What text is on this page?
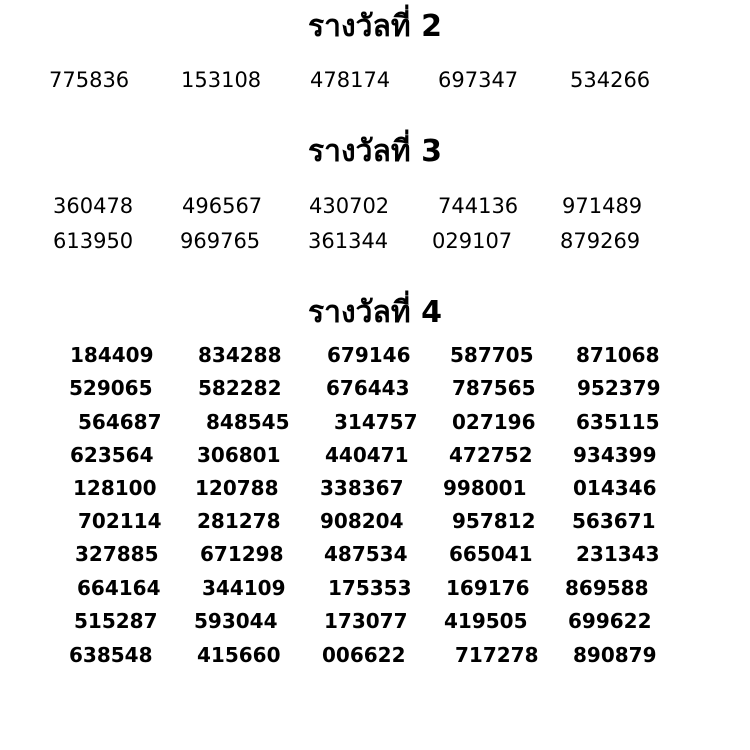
รางวัลที่ 2
775836 153108 478174 697347 534266
รางวัลที่ 3
360478 496567 430702 744136 971489
613950 969765 361344 029107 879269
รางวัลที่ 4
184409 834288 679146 587705 871068
529065 582282 676443 787565 952379
564687 848545 314757 027196 635115
623564 306801 440471 472752 934399
128100 120788 338367 998001 014346
702114 281278 908204 957812 563671
327885 671298 487534 665041 231343
664164 344109 175353 169176 869588
515287 593044 173077 419505 699622
638548 415660 006622 717278 890879
